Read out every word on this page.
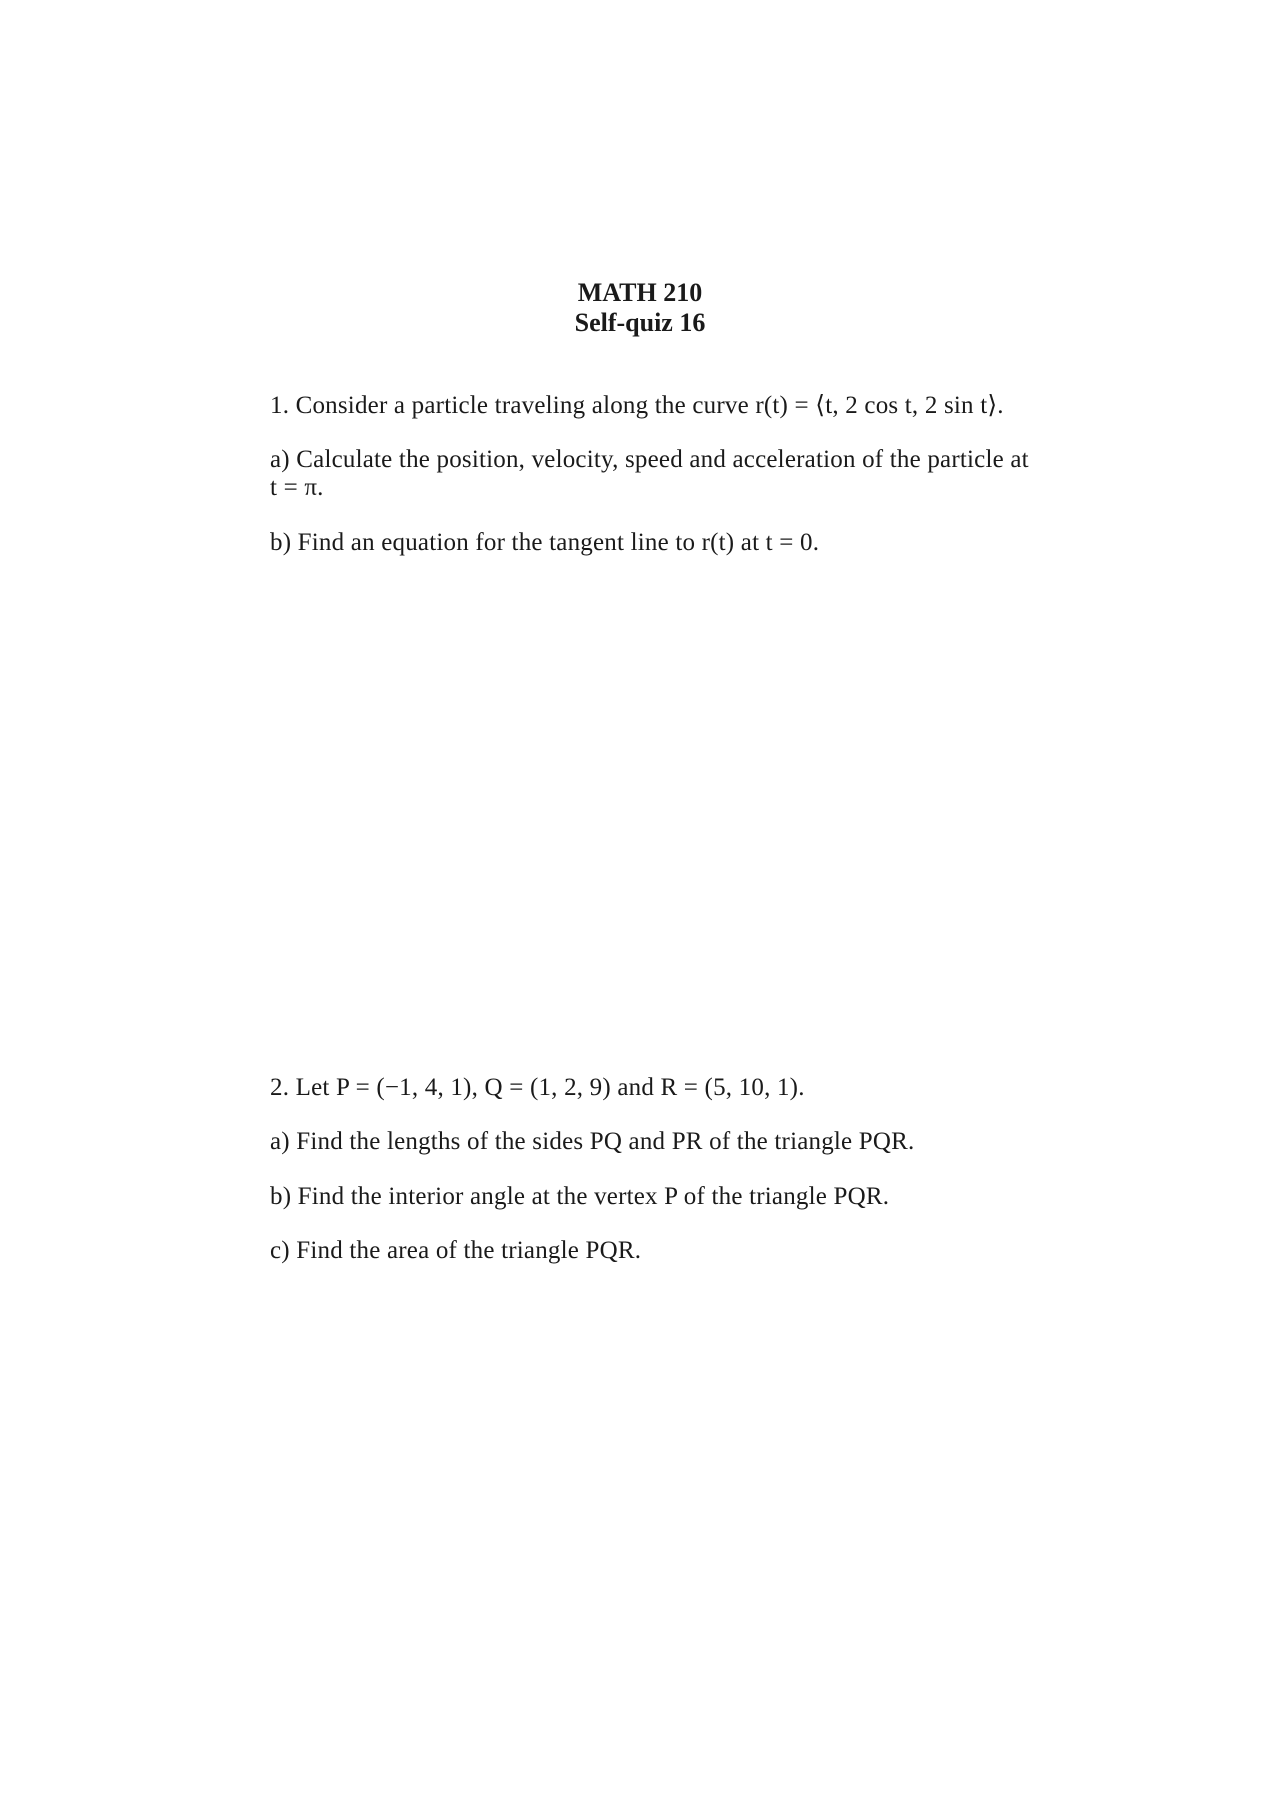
MATH 210
Self-quiz 16
1. Consider a particle traveling along the curve r(t) = ⟨t, 2 cos t, 2 sin t⟩.
a) Calculate the position, velocity, speed and acceleration of the particle at
t = π.
b) Find an equation for the tangent line to r(t) at t = 0.
2. Let P = (−1, 4, 1), Q = (1, 2, 9) and R = (5, 10, 1).
a) Find the lengths of the sides PQ and PR of the triangle PQR.
b) Find the interior angle at the vertex P of the triangle PQR.
c) Find the area of the triangle PQR.
